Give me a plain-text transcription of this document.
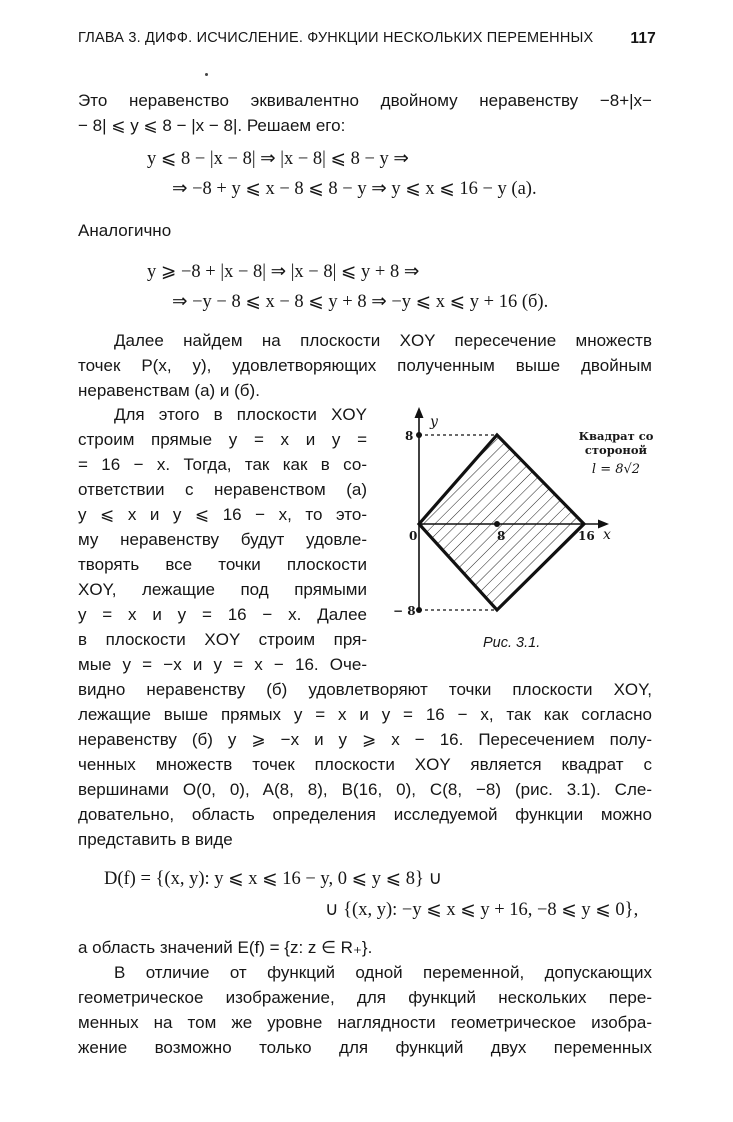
ГЛАВА 3. ДИФФ. ИСЧИСЛЕНИЕ. ФУНКЦИИ НЕСКОЛЬКИХ ПЕРЕМЕННЫХ 117
Это неравенство эквивалентно двойному неравенству −8+|x−
− 8| ⩽ y ⩽ 8 − |x − 8|. Решаем его:
y ⩽ 8 − |x − 8| ⇒ |x − 8| ⩽ 8 − y ⇒
⇒ −8 + y ⩽ x − 8 ⩽ 8 − y ⇒ y ⩽ x ⩽ 16 − y (a).
Аналогично
y ⩾ −8 + |x − 8| ⇒ |x − 8| ⩽ y + 8 ⇒
⇒ −y − 8 ⩽ x − 8 ⩽ y + 8 ⇒ −y ⩽ x ⩽ y + 16 (б).
Далее найдем на плоскости XOY пересечение множеств
точек P(x, y), удовлетворяющих полученным выше двойным
неравенствам (а) и (б).
Для этого в плоскости XOY
строим прямые y = x и y =
= 16 − x. Тогда, так как в со-
ответствии с неравенством (а)
y ⩽ x и y ⩽ 16 − x, то это-
му неравенству будут удовле-
творять все точки плоскости
XOY, лежащие под прямыми
y = x и y = 16 − x. Далее
в плоскости XOY строим пря-
мые y = −x и y = x − 16. Оче-
видно неравенству (б) удовлетворяют точки плоскости XOY,
лежащие выше прямых y = x и y = 16 − x, так как согласно
неравенству (б) y ⩾ −x и y ⩾ x − 16. Пересечением полу-
ченных множеств точек плоскости XOY является квадрат с
вершинами O(0, 0), A(8, 8), B(16, 0), C(8, −8) (рис. 3.1). Сле-
довательно, область определения исследуемой функции можно
представить в виде
D(f) = {(x, y): y ⩽ x ⩽ 16 − y, 0 ⩽ y ⩽ 8} ∪
∪ {(x, y): −y ⩽ x ⩽ y + 16, −8 ⩽ y ⩽ 0},
а область значений E(f) = {z: z ∈ R₊}.
В отличие от функций одной переменной, допускающих
геометрическое изображение, для функций нескольких пере-
менных на том же уровне наглядности геометрическое изобра-
жение возможно только для функций двух переменных
y
x
8
− 8
0	8	16
Квадрат со
стороной
l = 8√2
Рис. 3.1.
